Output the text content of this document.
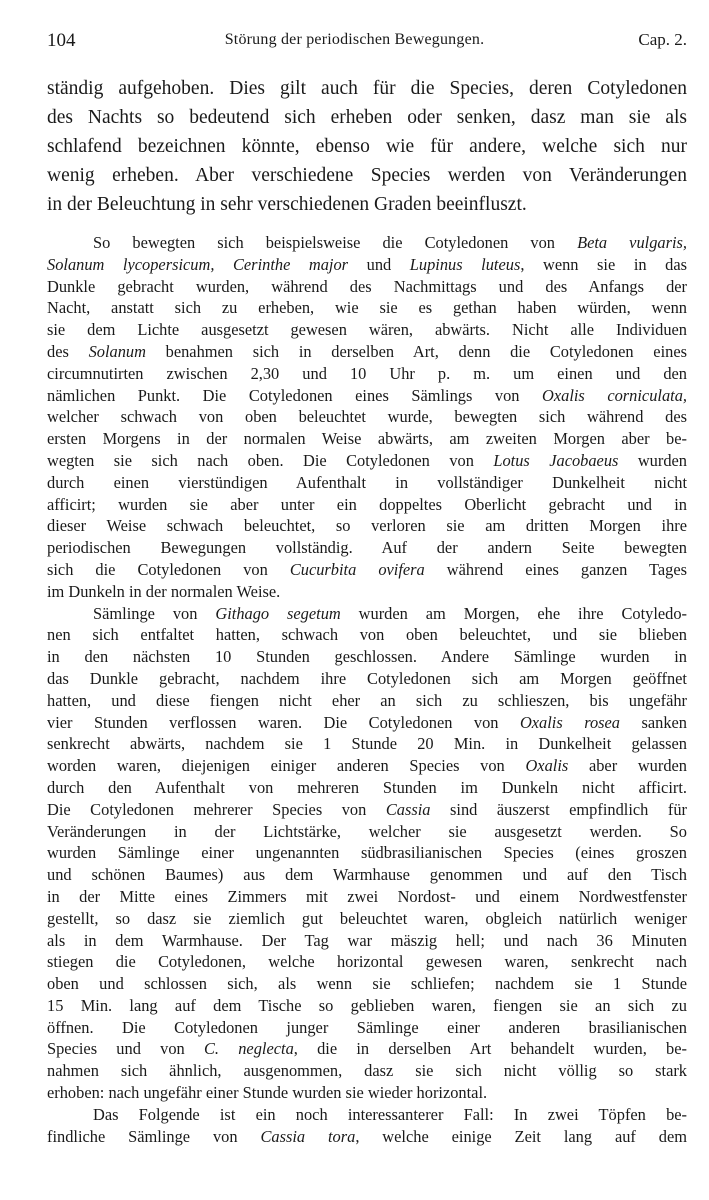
104	Störung der periodischen Bewegungen.	Cap. 2.
ständig aufgehoben. Dies gilt auch für die Species, deren Cotyledonen
des Nachts so bedeutend sich erheben oder senken, dasz man sie als
schlafend bezeichnen könnte, ebenso wie für andere, welche sich nur
wenig erheben. Aber verschiedene Species werden von Veränderungen
in der Beleuchtung in sehr verschiedenen Graden beeinfluszt.
So bewegten sich beispielsweise die Cotyledonen von Beta vulgaris,
Solanum lycopersicum, Cerinthe major und Lupinus luteus, wenn sie in das
Dunkle gebracht wurden, während des Nachmittags und des Anfangs der
Nacht, anstatt sich zu erheben, wie sie es gethan haben würden, wenn
sie dem Lichte ausgesetzt gewesen wären, abwärts. Nicht alle Individuen
des Solanum benahmen sich in derselben Art, denn die Cotyledonen eines
circumnutirten zwischen 2,30 und 10 Uhr p. m. um einen und den
nämlichen Punkt. Die Cotyledonen eines Sämlings von Oxalis corniculata,
welcher schwach von oben beleuchtet wurde, bewegten sich während des
ersten Morgens in der normalen Weise abwärts, am zweiten Morgen aber be-
wegten sie sich nach oben. Die Cotyledonen von Lotus Jacobaeus wurden
durch einen vierstündigen Aufenthalt in vollständiger Dunkelheit nicht
afficirt; wurden sie aber unter ein doppeltes Oberlicht gebracht und in
dieser Weise schwach beleuchtet, so verloren sie am dritten Morgen ihre
periodischen Bewegungen vollständig. Auf der andern Seite bewegten
sich die Cotyledonen von Cucurbita ovifera während eines ganzen Tages
im Dunkeln in der normalen Weise.
Sämlinge von Githago segetum wurden am Morgen, ehe ihre Cotyledo-
nen sich entfaltet hatten, schwach von oben beleuchtet, und sie blieben
in den nächsten 10 Stunden geschlossen. Andere Sämlinge wurden in
das Dunkle gebracht, nachdem ihre Cotyledonen sich am Morgen geöffnet
hatten, und diese fiengen nicht eher an sich zu schlieszen, bis ungefähr
vier Stunden verflossen waren. Die Cotyledonen von Oxalis rosea sanken
senkrecht abwärts, nachdem sie 1 Stunde 20 Min. in Dunkelheit gelassen
worden waren, diejenigen einiger anderen Species von Oxalis aber wurden
durch den Aufenthalt von mehreren Stunden im Dunkeln nicht afficirt.
Die Cotyledonen mehrerer Species von Cassia sind äuszerst empfindlich für
Veränderungen in der Lichtstärke, welcher sie ausgesetzt werden. So
wurden Sämlinge einer ungenannten südbrasilianischen Species (eines groszen
und schönen Baumes) aus dem Warmhause genommen und auf den Tisch
in der Mitte eines Zimmers mit zwei Nordost- und einem Nordwestfenster
gestellt, so dasz sie ziemlich gut beleuchtet waren, obgleich natürlich weniger
als in dem Warmhause. Der Tag war mäszig hell; und nach 36 Minuten
stiegen die Cotyledonen, welche horizontal gewesen waren, senkrecht nach
oben und schlossen sich, als wenn sie schliefen; nachdem sie 1 Stunde
15 Min. lang auf dem Tische so geblieben waren, fiengen sie an sich zu
öffnen. Die Cotyledonen junger Sämlinge einer anderen brasilianischen
Species und von C. neglecta, die in derselben Art behandelt wurden, be-
nahmen sich ähnlich, ausgenommen, dasz sie sich nicht völlig so stark
erhoben: nach ungefähr einer Stunde wurden sie wieder horizontal.
Das Folgende ist ein noch interessanterer Fall: In zwei Töpfen be-
findliche Sämlinge von Cassia tora, welche einige Zeit lang auf dem
